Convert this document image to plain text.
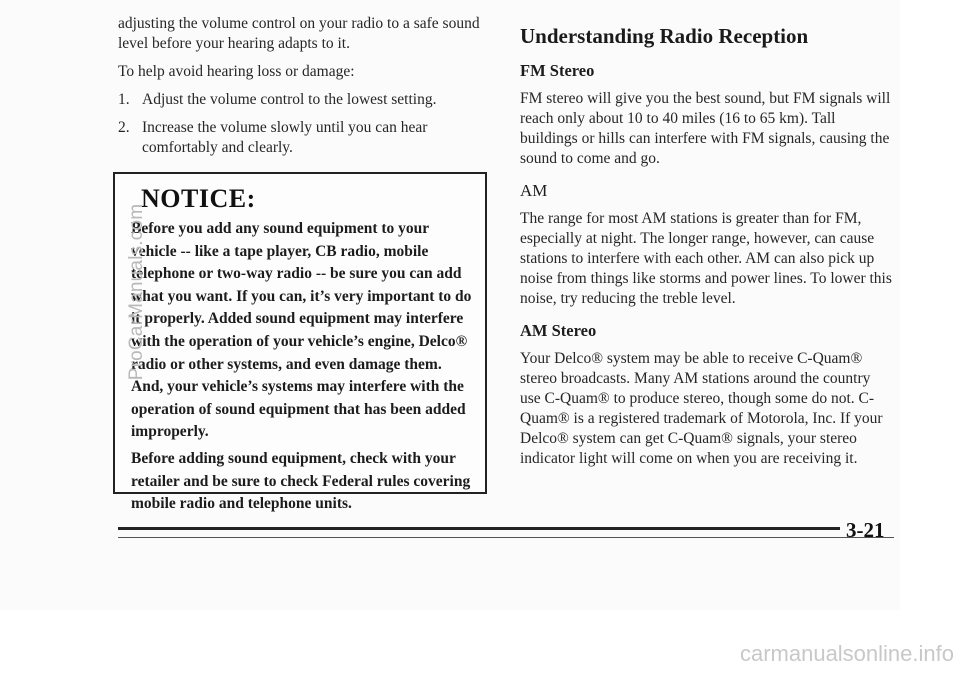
adjusting the volume control on your radio to a safe sound level before your hearing adapts to it.

To help avoid hearing loss or damage:

1. Adjust the volume control to the lowest setting.
2. Increase the volume slowly until you can hear comfortably and clearly.
NOTICE:

Before you add any sound equipment to your vehicle -- like a tape player, CB radio, mobile telephone or two-way radio -- be sure you can add what you want. If you can, it’s very important to do it properly. Added sound equipment may interfere with the operation of your vehicle’s engine, Delco® radio or other systems, and even damage them. And, your vehicle’s systems may interfere with the operation of sound equipment that has been added improperly.

Before adding sound equipment, check with your retailer and be sure to check Federal rules covering mobile radio and telephone units.

Understanding Radio Reception
FM Stereo

FM stereo will give you the best sound, but FM signals will reach only about 10 to 40 miles (16 to 65 km). Tall buildings or hills can interfere with FM signals, causing the sound to come and go.

AM

The range for most AM stations is greater than for FM, especially at night. The longer range, however, can cause stations to interfere with each other. AM can also pick up noise from things like storms and power lines. To lower this noise, try reducing the treble level.

AM Stereo

Your Delco® system may be able to receive C-Quam® stereo broadcasts. Many AM stations around the country use C-Quam® to produce stereo, though some do not. C-Quam® is a registered trademark of Motorola, Inc. If your Delco® system can get C-Quam® signals, your stereo indicator light will come on when you are receiving it.

3-21
ProCarManuals.com
carmanualsonline.info
